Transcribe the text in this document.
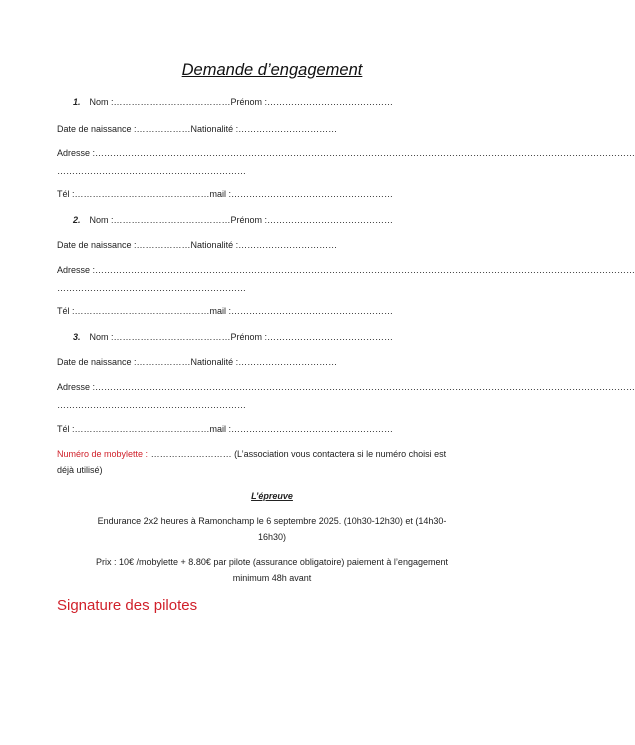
Demande d’engagement
1. Nom :…………………………………Prénom :……………………………………
Date de naissance :………………Nationalité :……………………………
Adresse :………………………………………………………………………………………………………………………………………………………………
………………………………………………………
Tél :………………………………………mail :………………………………………………
2. Nom :…………………………………Prénom :……………………………………
Date de naissance :………………Nationalité :……………………………
Adresse :………………………………………………………………………………………………………………………………………………………………
………………………………………………………
Tél :………………………………………mail :………………………………………………
3. Nom :…………………………………Prénom :……………………………………
Date de naissance :………………Nationalité :……………………………
Adresse :………………………………………………………………………………………………………………………………………………………………
………………………………………………………
Tél :………………………………………mail :………………………………………………
Numéro de mobylette : ……………………… (L’association vous contactera si le numéro choisi est
déjà utilisé)
L’épreuve
Endurance 2x2 heures à Ramonchamp le 6 septembre 2025. (10h30-12h30) et (14h30-
16h30)
Prix : 10€ /mobylette + 8.80€ par pilote (assurance obligatoire) paiement à l’engagement
minimum 48h avant
Signature des pilotes
